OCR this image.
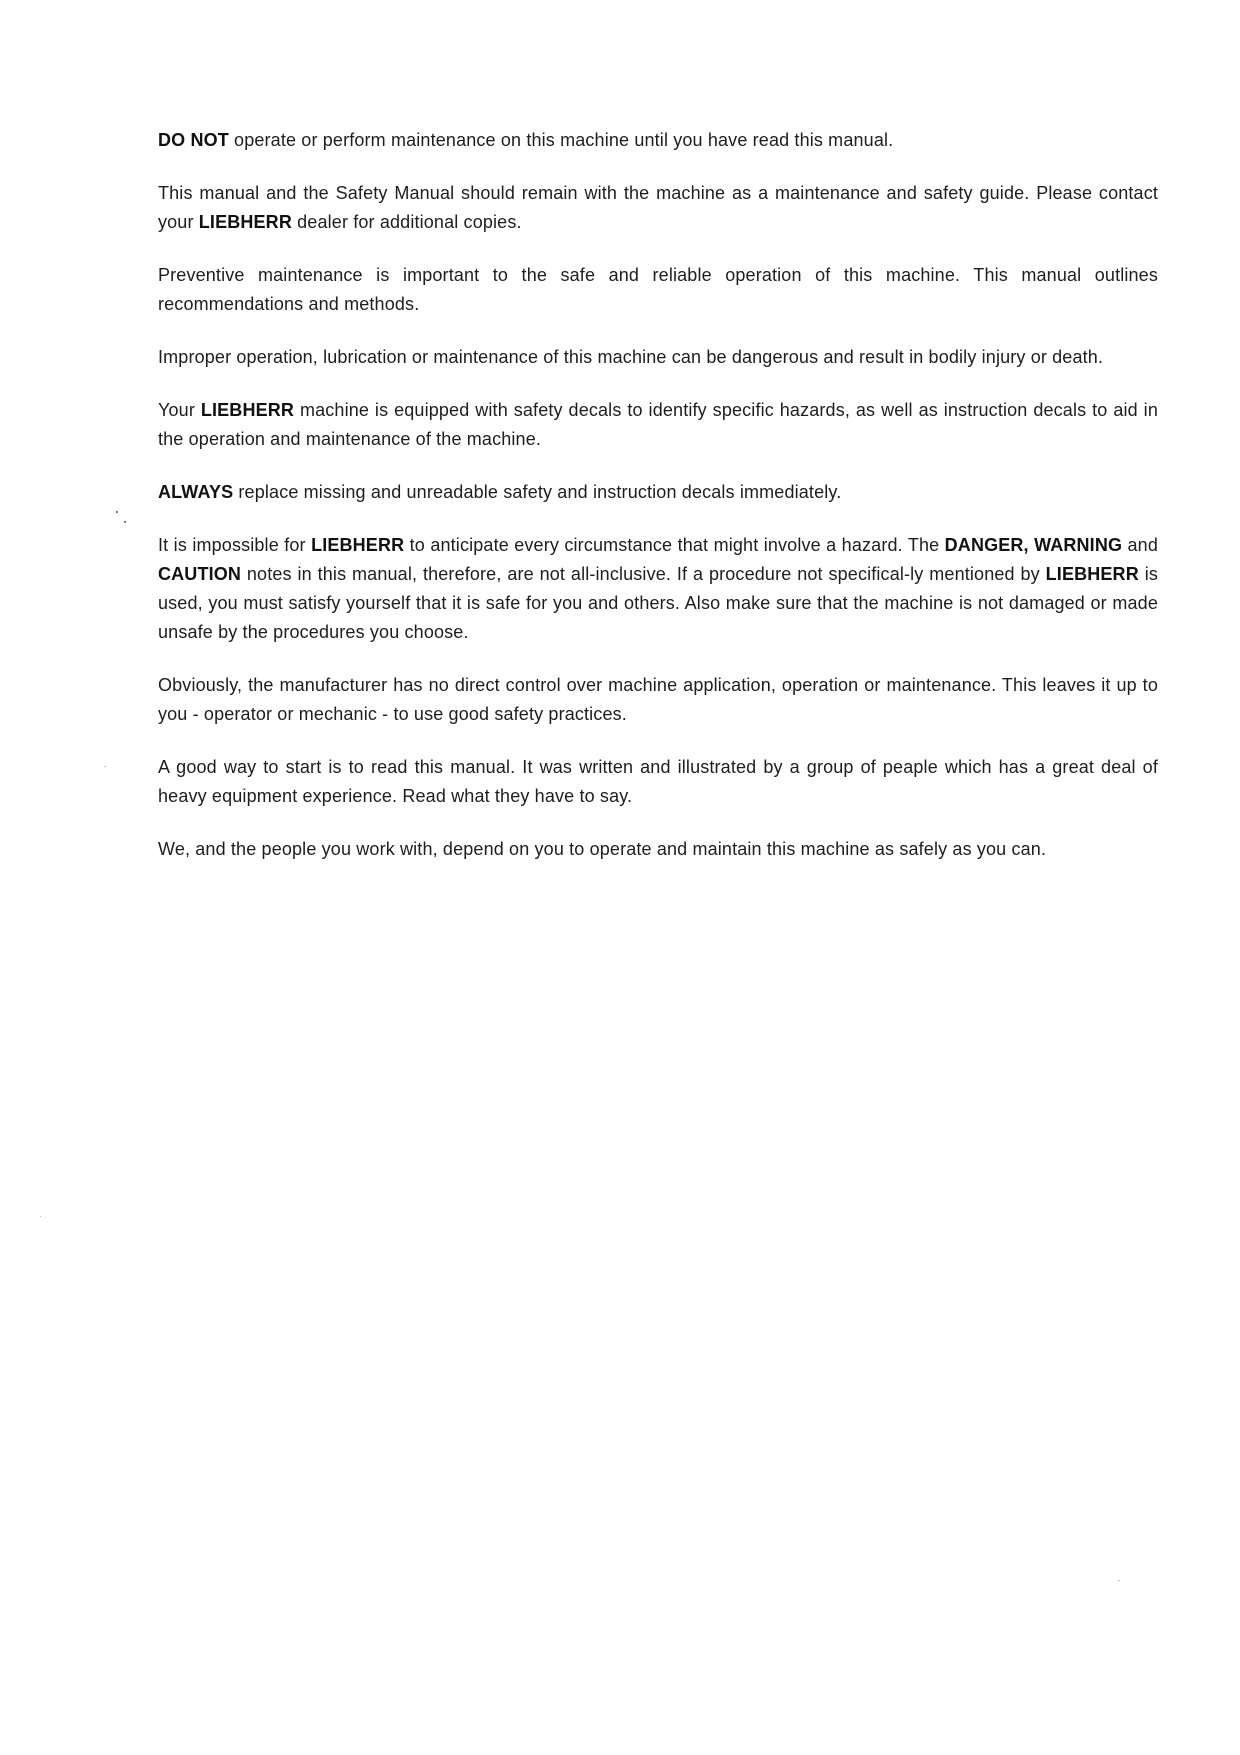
DO NOT operate or perform maintenance on this machine until you have read this manual.

This manual and the Safety Manual should remain with the machine as a maintenance and safety guide. Please contact your LIEBHERR dealer for additional copies.

Preventive maintenance is important to the safe and reliable operation of this machine. This manual outlines recommendations and methods.

Improper operation, lubrication or maintenance of this machine can be dangerous and result in bodily injury or death.

Your LIEBHERR machine is equipped with safety decals to identify specific hazards, as well as instruction decals to aid in the operation and maintenance of the machine.

ALWAYS replace missing and unreadable safety and instruction decals immediately.

It is impossible for LIEBHERR to anticipate every circumstance that might involve a hazard. The DANGER, WARNING and CAUTION notes in this manual, therefore, are not all-inclusive. If a procedure not specifical-ly mentioned by LIEBHERR is used, you must satisfy yourself that it is safe for you and others. Also make sure that the machine is not damaged or made unsafe by the procedures you choose.

Obviously, the manufacturer has no direct control over machine application, operation or maintenance. This leaves it up to you - operator or mechanic - to use good safety practices.

A good way to start is to read this manual. It was written and illustrated by a group of peaple which has a great deal of heavy equipment experience. Read what they have to say.

We, and the people you work with, depend on you to operate and maintain this machine as safely as you can.
